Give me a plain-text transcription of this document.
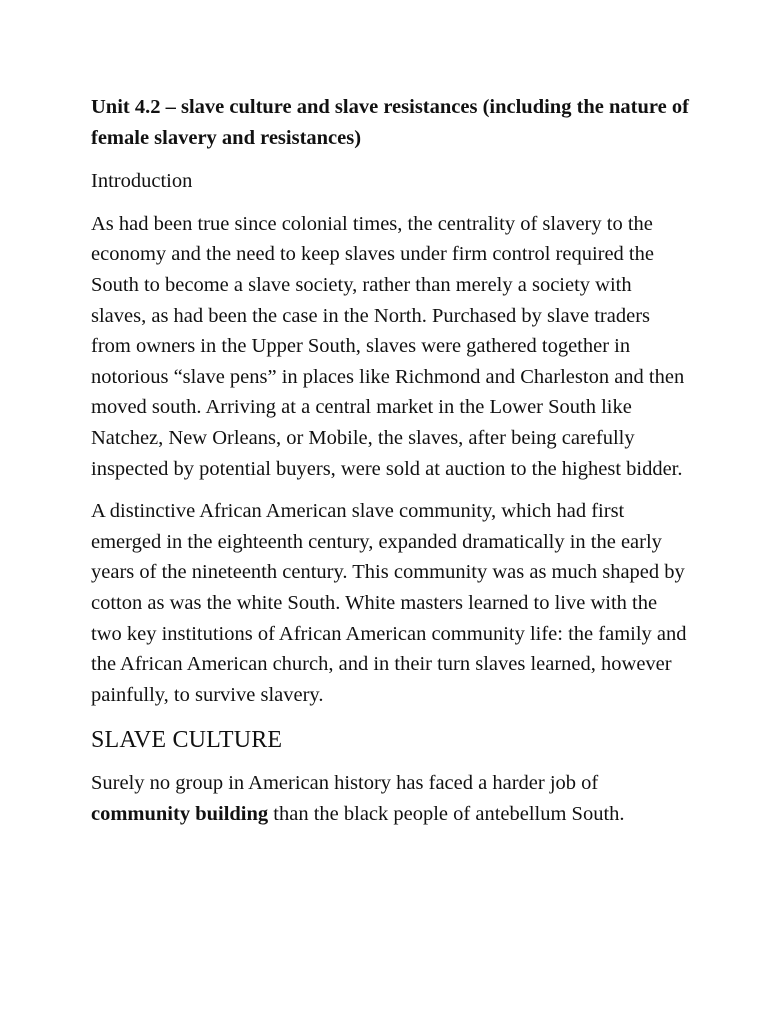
Unit 4.2 – slave culture and slave resistances (including the nature of female slavery and resistances)

Introduction

As had been true since colonial times, the centrality of slavery to the economy and the need to keep slaves under firm control required the South to become a slave society, rather than merely a society with slaves, as had been the case in the North. Purchased by slave traders from owners in the Upper South, slaves were gathered together in notorious “slave pens” in places like Richmond and Charleston and then moved south. Arriving at a central market in the Lower South like Natchez, New Orleans, or Mobile, the slaves, after being carefully inspected by potential buyers, were sold at auction to the highest bidder.

A distinctive African American slave community, which had first emerged in the eighteenth century, expanded dramatically in the early years of the nineteenth century. This community was as much shaped by cotton as was the white South. White masters learned to live with the two key institutions of African American community life: the family and the African American church, and in their turn slaves learned, however painfully, to survive slavery.

SLAVE CULTURE

Surely no group in American history has faced a harder job of community building than the black people of antebellum South.
